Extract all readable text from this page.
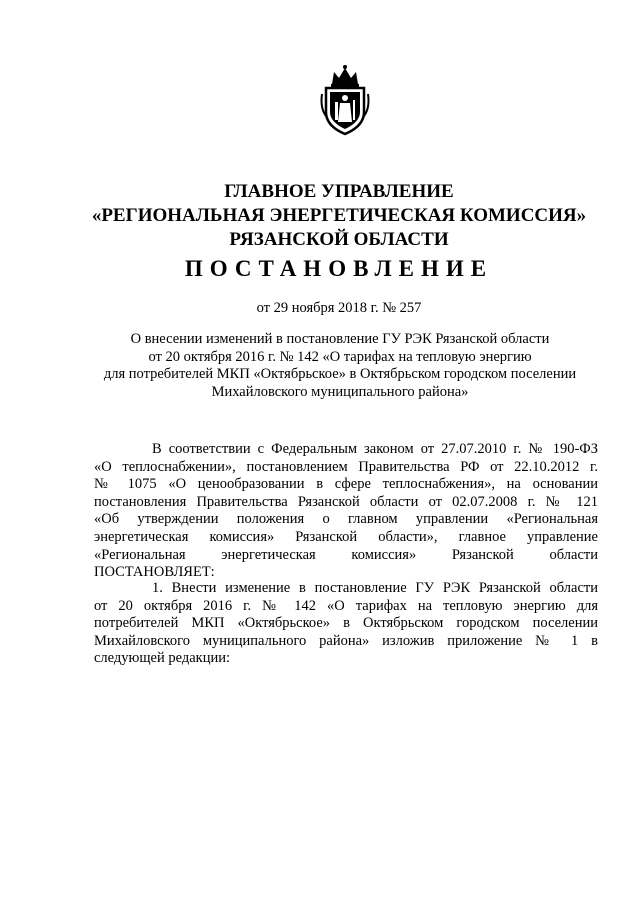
ГЛАВНОЕ УПРАВЛЕНИЕ
«РЕГИОНАЛЬНАЯ ЭНЕРГЕТИЧЕСКАЯ КОМИССИЯ»
РЯЗАНСКОЙ ОБЛАСТИ
ПОСТАНОВЛЕНИЕ
от 29 ноября 2018 г. № 257
О внесении изменений в постановление ГУ РЭК Рязанской области
от 20 октября 2016 г. № 142 «О тарифах на тепловую энергию
для потребителей МКП «Октябрьское» в Октябрьском городском поселении
Михайловского муниципального района»
В соответствии с Федеральным законом от 27.07.2010 г. № 190-ФЗ
«О теплоснабжении», постановлением Правительства РФ от 22.10.2012 г.
№ 1075 «О ценообразовании в сфере теплоснабжения», на основании
постановления Правительства Рязанской области от 02.07.2008 г. № 121
«Об утверждении положения о главном управлении «Региональная
энергетическая комиссия» Рязанской области», главное управление
«Региональная энергетическая комиссия» Рязанской области
ПОСТАНОВЛЯЕТ:
1. Внести изменение в постановление ГУ РЭК Рязанской области
от 20 октября 2016 г. № 142 «О тарифах на тепловую энергию для
потребителей МКП «Октябрьское» в Октябрьском городском поселении
Михайловского муниципального района» изложив приложение № 1 в
следующей редакции:
